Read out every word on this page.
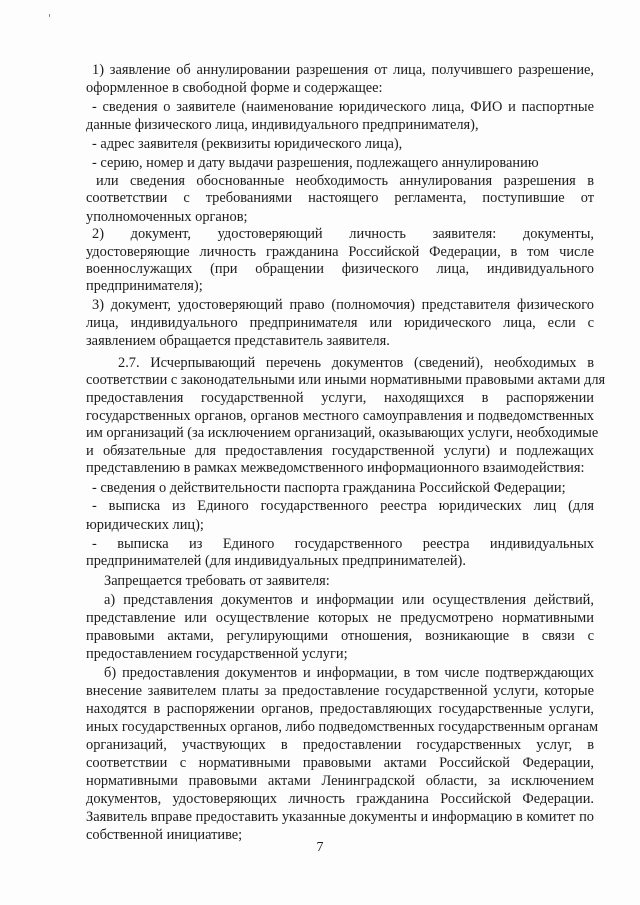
1) заявление об аннулировании разрешения от лица, получившего разрешение,
оформленное в свободной форме и содержащее:
- сведения о заявителе (наименование юридического лица, ФИО и паспортные
данные физического лица, индивидуального предпринимателя),
- адрес заявителя (реквизиты юридического лица),
- серию, номер и дату выдачи разрешения, подлежащего аннулированию
или сведения обоснованные необходимость аннулирования разрешения в
соответствии с требованиями настоящего регламента, поступившие от
уполномоченных органов;
2) документ, удостоверяющий личность заявителя: документы,
удостоверяющие личность гражданина Российской Федерации, в том числе
военнослужащих (при обращении физического лица, индивидуального
предпринимателя);
3) документ, удостоверяющий право (полномочия) представителя физического
лица, индивидуального предпринимателя или юридического лица, если с
заявлением обращается представитель заявителя.
2.7. Исчерпывающий перечень документов (сведений), необходимых в
соответствии с законодательными или иными нормативными правовыми актами для
предоставления государственной услуги, находящихся в распоряжении
государственных органов, органов местного самоуправления и подведомственных
им организаций (за исключением организаций, оказывающих услуги, необходимые
и обязательные для предоставления государственной услуги) и подлежащих
представлению в рамках межведомственного информационного взаимодействия:
- сведения о действительности паспорта гражданина Российской Федерации;
- выписка из Единого государственного реестра юридических лиц (для
юридических лиц);
- выписка из Единого государственного реестра индивидуальных
предпринимателей (для индивидуальных предпринимателей).
Запрещается требовать от заявителя:
а) представления документов и информации или осуществления действий,
представление или осуществление которых не предусмотрено нормативными
правовыми актами, регулирующими отношения, возникающие в связи с
предоставлением государственной услуги;
б) предоставления документов и информации, в том числе подтверждающих
внесение заявителем платы за предоставление государственной услуги, которые
находятся в распоряжении органов, предоставляющих государственные услуги,
иных государственных органов, либо подведомственных государственным органам
организаций, участвующих в предоставлении государственных услуг, в
соответствии с нормативными правовыми актами Российской Федерации,
нормативными правовыми актами Ленинградской области, за исключением
документов, удостоверяющих личность гражданина Российской Федерации.
Заявитель вправе предоставить указанные документы и информацию в комитет по
собственной инициативе;
7
